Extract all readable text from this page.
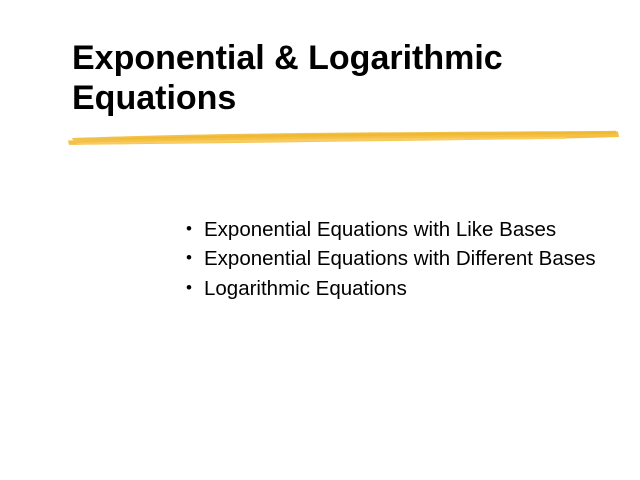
Exponential & Logarithmic Equations
• Exponential Equations with Like Bases
• Exponential Equations with Different Bases
• Logarithmic Equations
